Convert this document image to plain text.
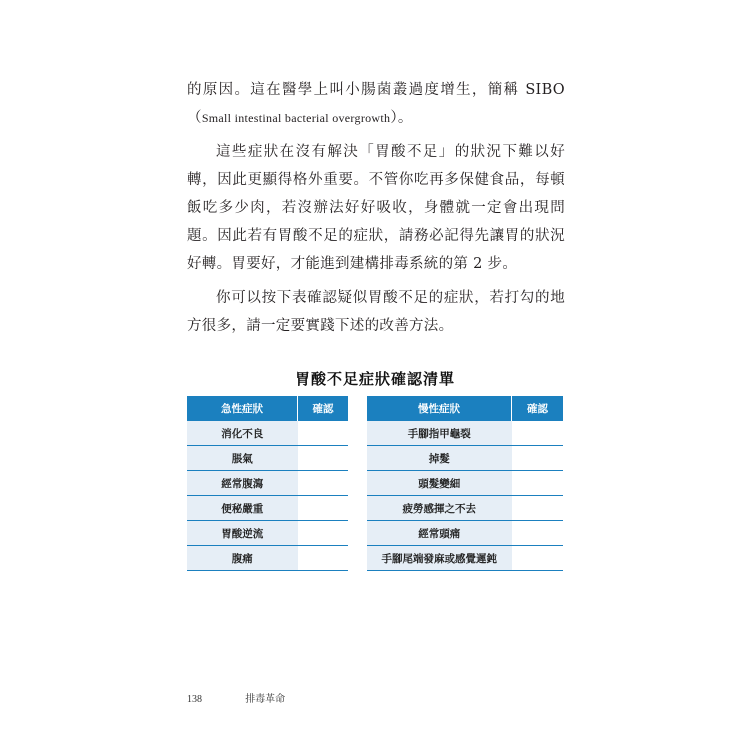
的原因。這在醫學上叫小腸菌叢過度增生，簡稱 SIBO（Small intestinal bacterial overgrowth）。

這些症狀在沒有解決「胃酸不足」的狀況下難以好轉，因此更顯得格外重要。不管你吃再多保健食品，每頓飯吃多少肉，若沒辦法好好吸收，身體就一定會出現問題。因此若有胃酸不足的症狀，請務必記得先讓胃的狀況好轉。胃要好，才能進到建構排毒系統的第 2 步。

你可以按下表確認疑似胃酸不足的症狀，若打勾的地方很多，請一定要實踐下述的改善方法。

胃酸不足症狀確認清單
急性症狀	確認
消化不良	
脹氣	
經常腹瀉	
便秘嚴重	
胃酸逆流	
腹痛	
慢性症狀	確認
手腳指甲龜裂	
掉髮	
頭髮變細	
疲勞感揮之不去	
經常頭痛	
手腳尾端發麻或感覺遲鈍	
138	排毒革命
